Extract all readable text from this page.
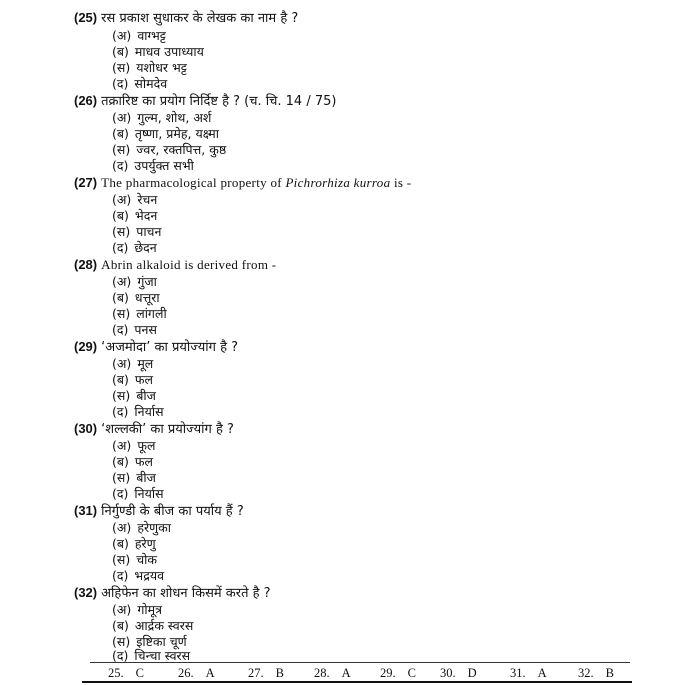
(25) रस प्रकाश सुधाकर के लेखक का नाम है ?
(अ) वाग्भट्ट
(ब) माधव उपाध्याय
(स) यशोधर भट्ट
(द) सोमदेव
(26) तक्रारिष्ट का प्रयोग निर्दिष्ट है ? (च. चि. 14 / 75)
(अ) गुल्म, शोथ, अर्श
(ब) तृष्णा, प्रमेह, यक्ष्मा
(स) ज्वर, रक्तपित्त, कुष्ठ
(द) उपर्युक्त सभी
(27) The pharmacological property of Pichrorhiza kurroa is -
(अ) रेचन
(ब) भेदन
(स) पाचन
(द) छेदन
(28) Abrin alkaloid is derived from -
(अ) गुंजा
(ब) धत्तूरा
(स) लांगली
(द) पनस
(29) ‘अजमोदा’ का प्रयोज्यांग है ?
(अ) मूल
(ब) फल
(स) बीज
(द) निर्यास
(30) ‘शल्लकी’ का प्रयोज्यांग है ?
(अ) फूल
(ब) फल
(स) बीज
(द) निर्यास
(31) निर्गुण्डी के बीज का पर्याय हैं ?
(अ) हरेणुका
(ब) हरेणु
(स) चोक
(द) भद्रयव
(32) अहिफेन का शोधन किसमें करते है ?
(अ) गोमूत्र
(ब) आर्द्रक स्वरस
(स) इष्टिका चूर्ण
(द) चिन्चा स्वरस
25. C	26. A	27. B 28. A 29. C 30. D	31. A	32. B
